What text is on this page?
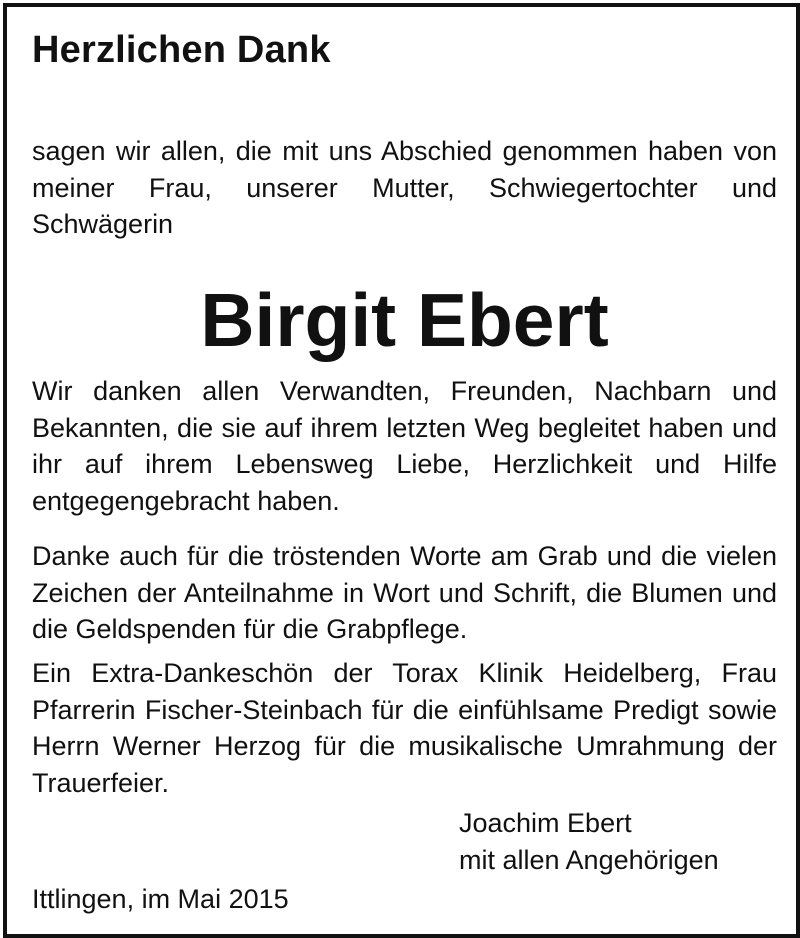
Herzlichen Dank
sagen wir allen, die mit uns Abschied genommen haben von meiner Frau, unserer Mutter, Schwiegertochter und Schwägerin
Birgit Ebert
Wir danken allen Verwandten, Freunden, Nachbarn und Bekannten, die sie auf ihrem letzten Weg begleitet haben und ihr auf ihrem Lebensweg Liebe, Herzlichkeit und Hilfe entgegengebracht haben.
Danke auch für die tröstenden Worte am Grab und die vielen Zeichen der Anteilnahme in Wort und Schrift, die Blumen und die Geldspenden für die Grabpflege.
Ein Extra-Dankeschön der Torax Klinik Heidelberg, Frau Pfarrerin Fischer-Steinbach für die einfühlsame Predigt sowie Herrn Werner Herzog für die musikalische Umrahmung der Trauerfeier.
Joachim Ebert
mit allen Angehörigen
Ittlingen, im Mai 2015
